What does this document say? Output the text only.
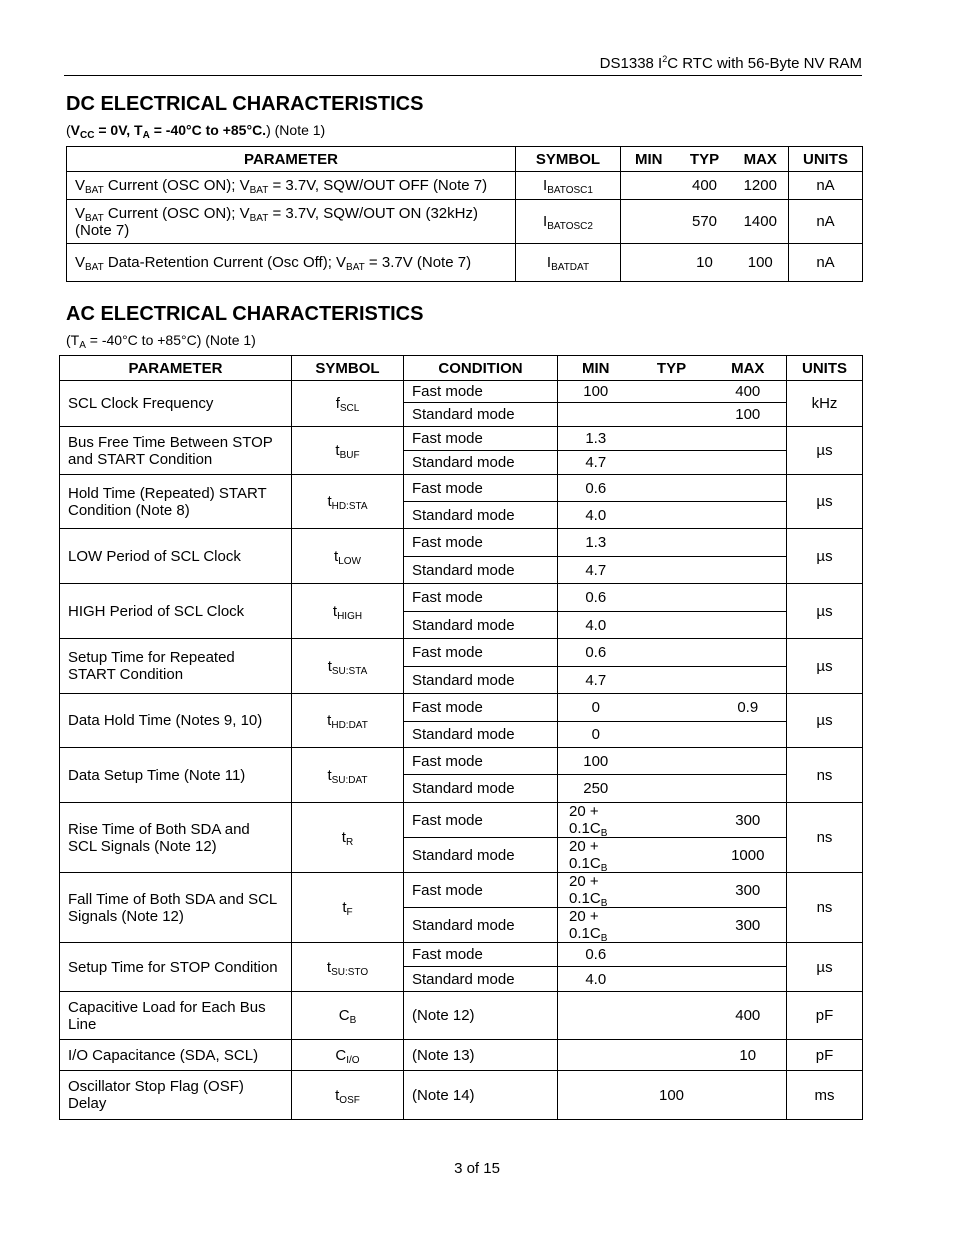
DS1338 $I^2C$ RTC with 56-Byte NV RAM
DC ELECTRICAL CHARACTERISTICS
($V_{CC} = 0V$, $T_A = -40^\circ C$ to +85°C.) (Note 1)
PARAMETER	SYMBOL	MIN	TYP	MAX	UNITS
$V_{BAT}$ Current (OSC ON); $V_{BAT} = 3.7V$, SQW/OUT OFF (Note 7)	$I_{BATOSC1}$		400	1200	nA
$V_{BAT}$ Current (OSC ON); $V_{BAT} = 3.7V$, SQW/OUT ON (32kHz) (Note 7)	$I_{BATOSC2}$		570	1400	nA
$V_{BAT}$ Data-Retention Current (Osc Off); $V_{BAT} = 3.7V$ (Note 7)	$I_{BATDAT}$		10	100	nA
AC ELECTRICAL CHARACTERISTICS
($T_A = -40^\circ C$ to +85°C) (Note 1)
PARAMETER	SYMBOL	CONDITION	MIN	TYP	MAX	UNITS
SCL Clock Frequency	$f_{SCL}$	Fast mode	100		400	kHz
		Standard mode			100	
Bus Free Time Between STOP and START Condition	$t_{BUF}$	Fast mode	1.3			µs
		Standard mode	4.7			
Hold Time (Repeated) START Condition (Note 8)	$t_{HD:STA}$	Fast mode	0.6			µs
		Standard mode	4.0			
LOW Period of SCL Clock	$t_{LOW}$	Fast mode	1.3			µs
		Standard mode	4.7			
HIGH Period of SCL Clock	$t_{HIGH}$	Fast mode	0.6			µs
		Standard mode	4.0			
Setup Time for Repeated START Condition	$t_{SU:STA}$	Fast mode	0.6			µs
		Standard mode	4.7			
Data Hold Time (Notes 9, 10)	$t_{HD:DAT}$	Fast mode	0		0.9	µs
		Standard mode	0			
Data Setup Time (Note 11)	$t_{SU:DAT}$	Fast mode	100			ns
		Standard mode	250			
Rise Time of Both SDA and SCL Signals (Note 12)	$t_R$	Fast mode	$20 + 0.1C_B$		300	ns
		Standard mode	$20 + 0.1C_B$		1000	
Fall Time of Both SDA and SCL Signals (Note 12)	$t_F$	Fast mode	$20 + 0.1C_B$		300	ns
		Standard mode	$20 + 0.1C_B$		300	
Setup Time for STOP Condition	$t_{SU:STO}$	Fast mode	0.6			µs
		Standard mode	4.0			
Capacitive Load for Each Bus Line	$C_B$	(Note 12)			400	pF
I/O Capacitance (SDA, SCL)	$C_{I/O}$	(Note 13)			10	pF
Oscillator Stop Flag (OSF) Delay	$t_{OSF}$	(Note 14)		100		ms
3 of 15
